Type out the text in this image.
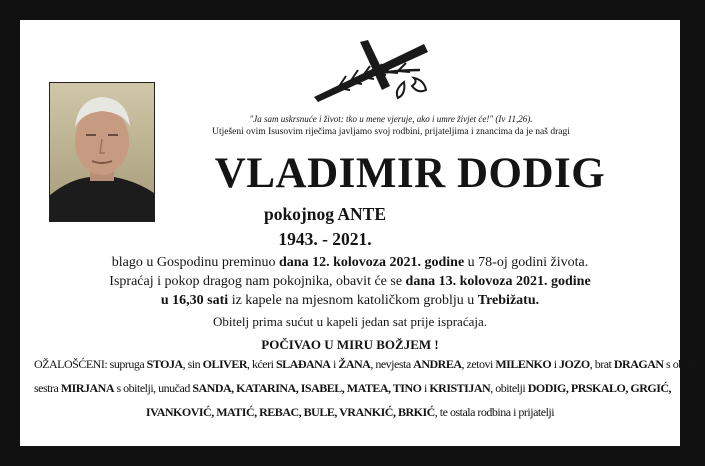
"Ja sam uskrsnuće i život: tko u mene vjeruje, ako i umre živjet će!" (Iv 11,26).
Utješeni ovim Isusovim riječima javljamo svoj rodbini, prijateljima i znancima da je naš dragi
VLADIMIR DODIG
pokojnog ANTE
1943. - 2021.
blago u Gospodinu preminuo dana 12. kolovoza 2021. godine u 78-oj godini života.
Ispraćaj i pokop dragog nam pokojnika, obavit će se dana 13. kolovoza 2021. godine
u 16,30 sati iz kapele na mjesnom katoličkom groblju u Trebižatu.
Obitelj prima sućut u kapeli jedan sat prije ispraćaja.
POČIVAO U MIRU BOŽJEM !
OŽALOŠĆENI: supruga STOJA, sin OLIVER, kćeri SLAĐANA i ŽANA, nevjesta ANDREA, zetovi MILENKO i JOZO, brat DRAGAN s obitelji,
sestra MIRJANA s obitelji, unučad SANDA, KATARINA, ISABEL, MATEA, TINO i KRISTIJAN, obitelji DODIG, PRSKALO, GRGIĆ,
IVANKOVIĆ, MATIĆ, REBAC, BULE, VRANKIĆ, BRKIĆ, te ostala rodbina i prijatelji
